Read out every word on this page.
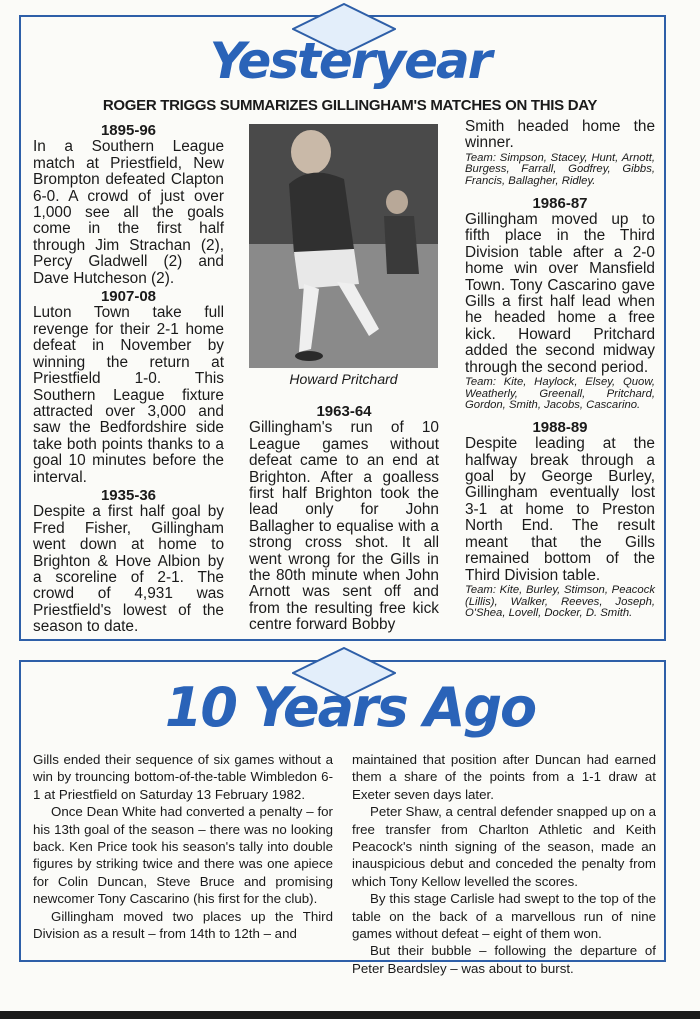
Yesteryear
ROGER TRIGGS SUMMARIZES GILLINGHAM'S MATCHES ON THIS DAY
1895-96

In a Southern League match at Priestfield, New Brompton defeated Clapton 6-0. A crowd of just over 1,000 see all the goals come in the first half through Jim Strachan (2), Percy Gladwell (2) and Dave Hutcheson (2).

1907-08

Luton Town take full revenge for their 2-1 home defeat in November by winning the return at Priestfield 1-0. This Southern League fixture attracted over 3,000 and saw the Bedfordshire side take both points thanks to a goal 10 minutes before the interval.

1935-36

Despite a first half goal by Fred Fisher, Gillingham went down at home to Brighton & Hove Albion by a scoreline of 2-1. The crowd of 4,931 was Priestfield's lowest of the season to date.

Howard Pritchard
1963-64

Gillingham's run of 10 League games without defeat came to an end at Brighton. After a goalless first half Brighton took the lead only for John Ballagher to equalise with a strong cross shot. It all went wrong for the Gills in the 80th minute when John Arnott was sent off and from the resulting free kick centre forward Bobby

Smith headed home the winner.

Team: Simpson, Stacey, Hunt, Arnott, Burgess, Farrall, Godfrey, Gibbs, Francis, Ballagher, Ridley.

1986-87

Gillingham moved up to fifth place in the Third Division table after a 2-0 home win over Mansfield Town. Tony Cascarino gave Gills a first half lead when he headed home a free kick. Howard Pritchard added the second midway through the second period.

Team: Kite, Haylock, Elsey, Quow, Weatherly, Greenall, Pritchard, Gordon, Smith, Jacobs, Cascarino.

1988-89

Despite leading at the halfway break through a goal by George Burley, Gillingham eventually lost 3-1 at home to Preston North End. The result meant that the Gills remained bottom of the Third Division table.

Team: Kite, Burley, Stimson, Peacock (Lillis), Walker, Reeves, Joseph, O'Shea, Lovell, Docker, D. Smith.

10 Years Ago

Gills ended their sequence of six games without a win by trouncing bottom-of-the-table Wimbledon 6-1 at Priestfield on Saturday 13 February 1982.

Once Dean White had converted a penalty – for his 13th goal of the season – there was no looking back. Ken Price took his season's tally into double figures by striking twice and there was one apiece for Colin Duncan, Steve Bruce and promising newcomer Tony Cascarino (his first for the club).

Gillingham moved two places up the Third Division as a result – from 14th to 12th – and

maintained that position after Duncan had earned them a share of the points from a 1-1 draw at Exeter seven days later.

Peter Shaw, a central defender snapped up on a free transfer from Charlton Athletic and Keith Peacock's ninth signing of the season, made an inauspicious debut and conceded the penalty from which Tony Kellow levelled the scores.

By this stage Carlisle had swept to the top of the table on the back of a marvellous run of nine games without defeat – eight of them won.

But their bubble – following the departure of Peter Beardsley – was about to burst.
